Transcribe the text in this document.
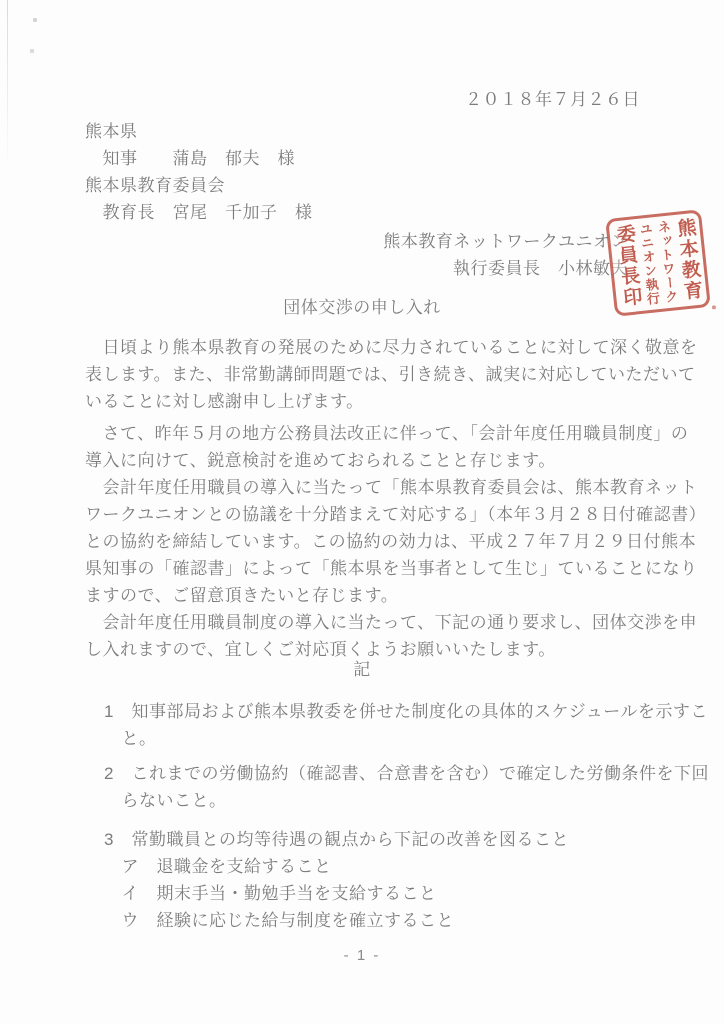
２０１８年７月２６日
熊本県
　知事　　蒲島　郁夫　様
熊本県教育委員会
　教育長　宮尾　千加子　様
熊本教育ネットワークユニオン
執行委員長　小林敏夫 熊本教育
ネットワーク
ユニオン執行
委員長印
団体交渉の申し入れ
　日頃より熊本県教育の発展のために尽力されていることに対して深く敬意を
表します。また、非常勤講師問題では、引き続き、誠実に対応していただいて
いることに対し感謝申し上げます。
　さて、昨年５月の地方公務員法改正に伴って、「会計年度任用職員制度」の
導入に向けて、鋭意検討を進めておられることと存じます。
　会計年度任用職員の導入に当たって「熊本県教育委員会は、熊本教育ネット
ワークユニオンとの協議を十分踏まえて対応する」（本年３月２８日付確認書）
との協約を締結しています。この協約の効力は、平成２７年７月２９日付熊本
県知事の「確認書」によって「熊本県を当事者として生じ」ていることになり
ますので、ご留意頂きたいと存じます。
　会計年度任用職員制度の導入に当たって、下記の通り要求し、団体交渉を申
し入れますので、宜しくご対応頂くようお願いいたします。
記
1　知事部局および熊本県教委を併せた制度化の具体的スケジュールを示すこ
　と。
2　これまでの労働協約（確認書、合意書を含む）で確定した労働条件を下回
　らないこと。
3　常勤職員との均等待遇の観点から下記の改善を図ること
　ア　退職金を支給すること
　イ　期末手当・勤勉手当を支給すること
　ウ　経験に応じた給与制度を確立すること
- 1 -
